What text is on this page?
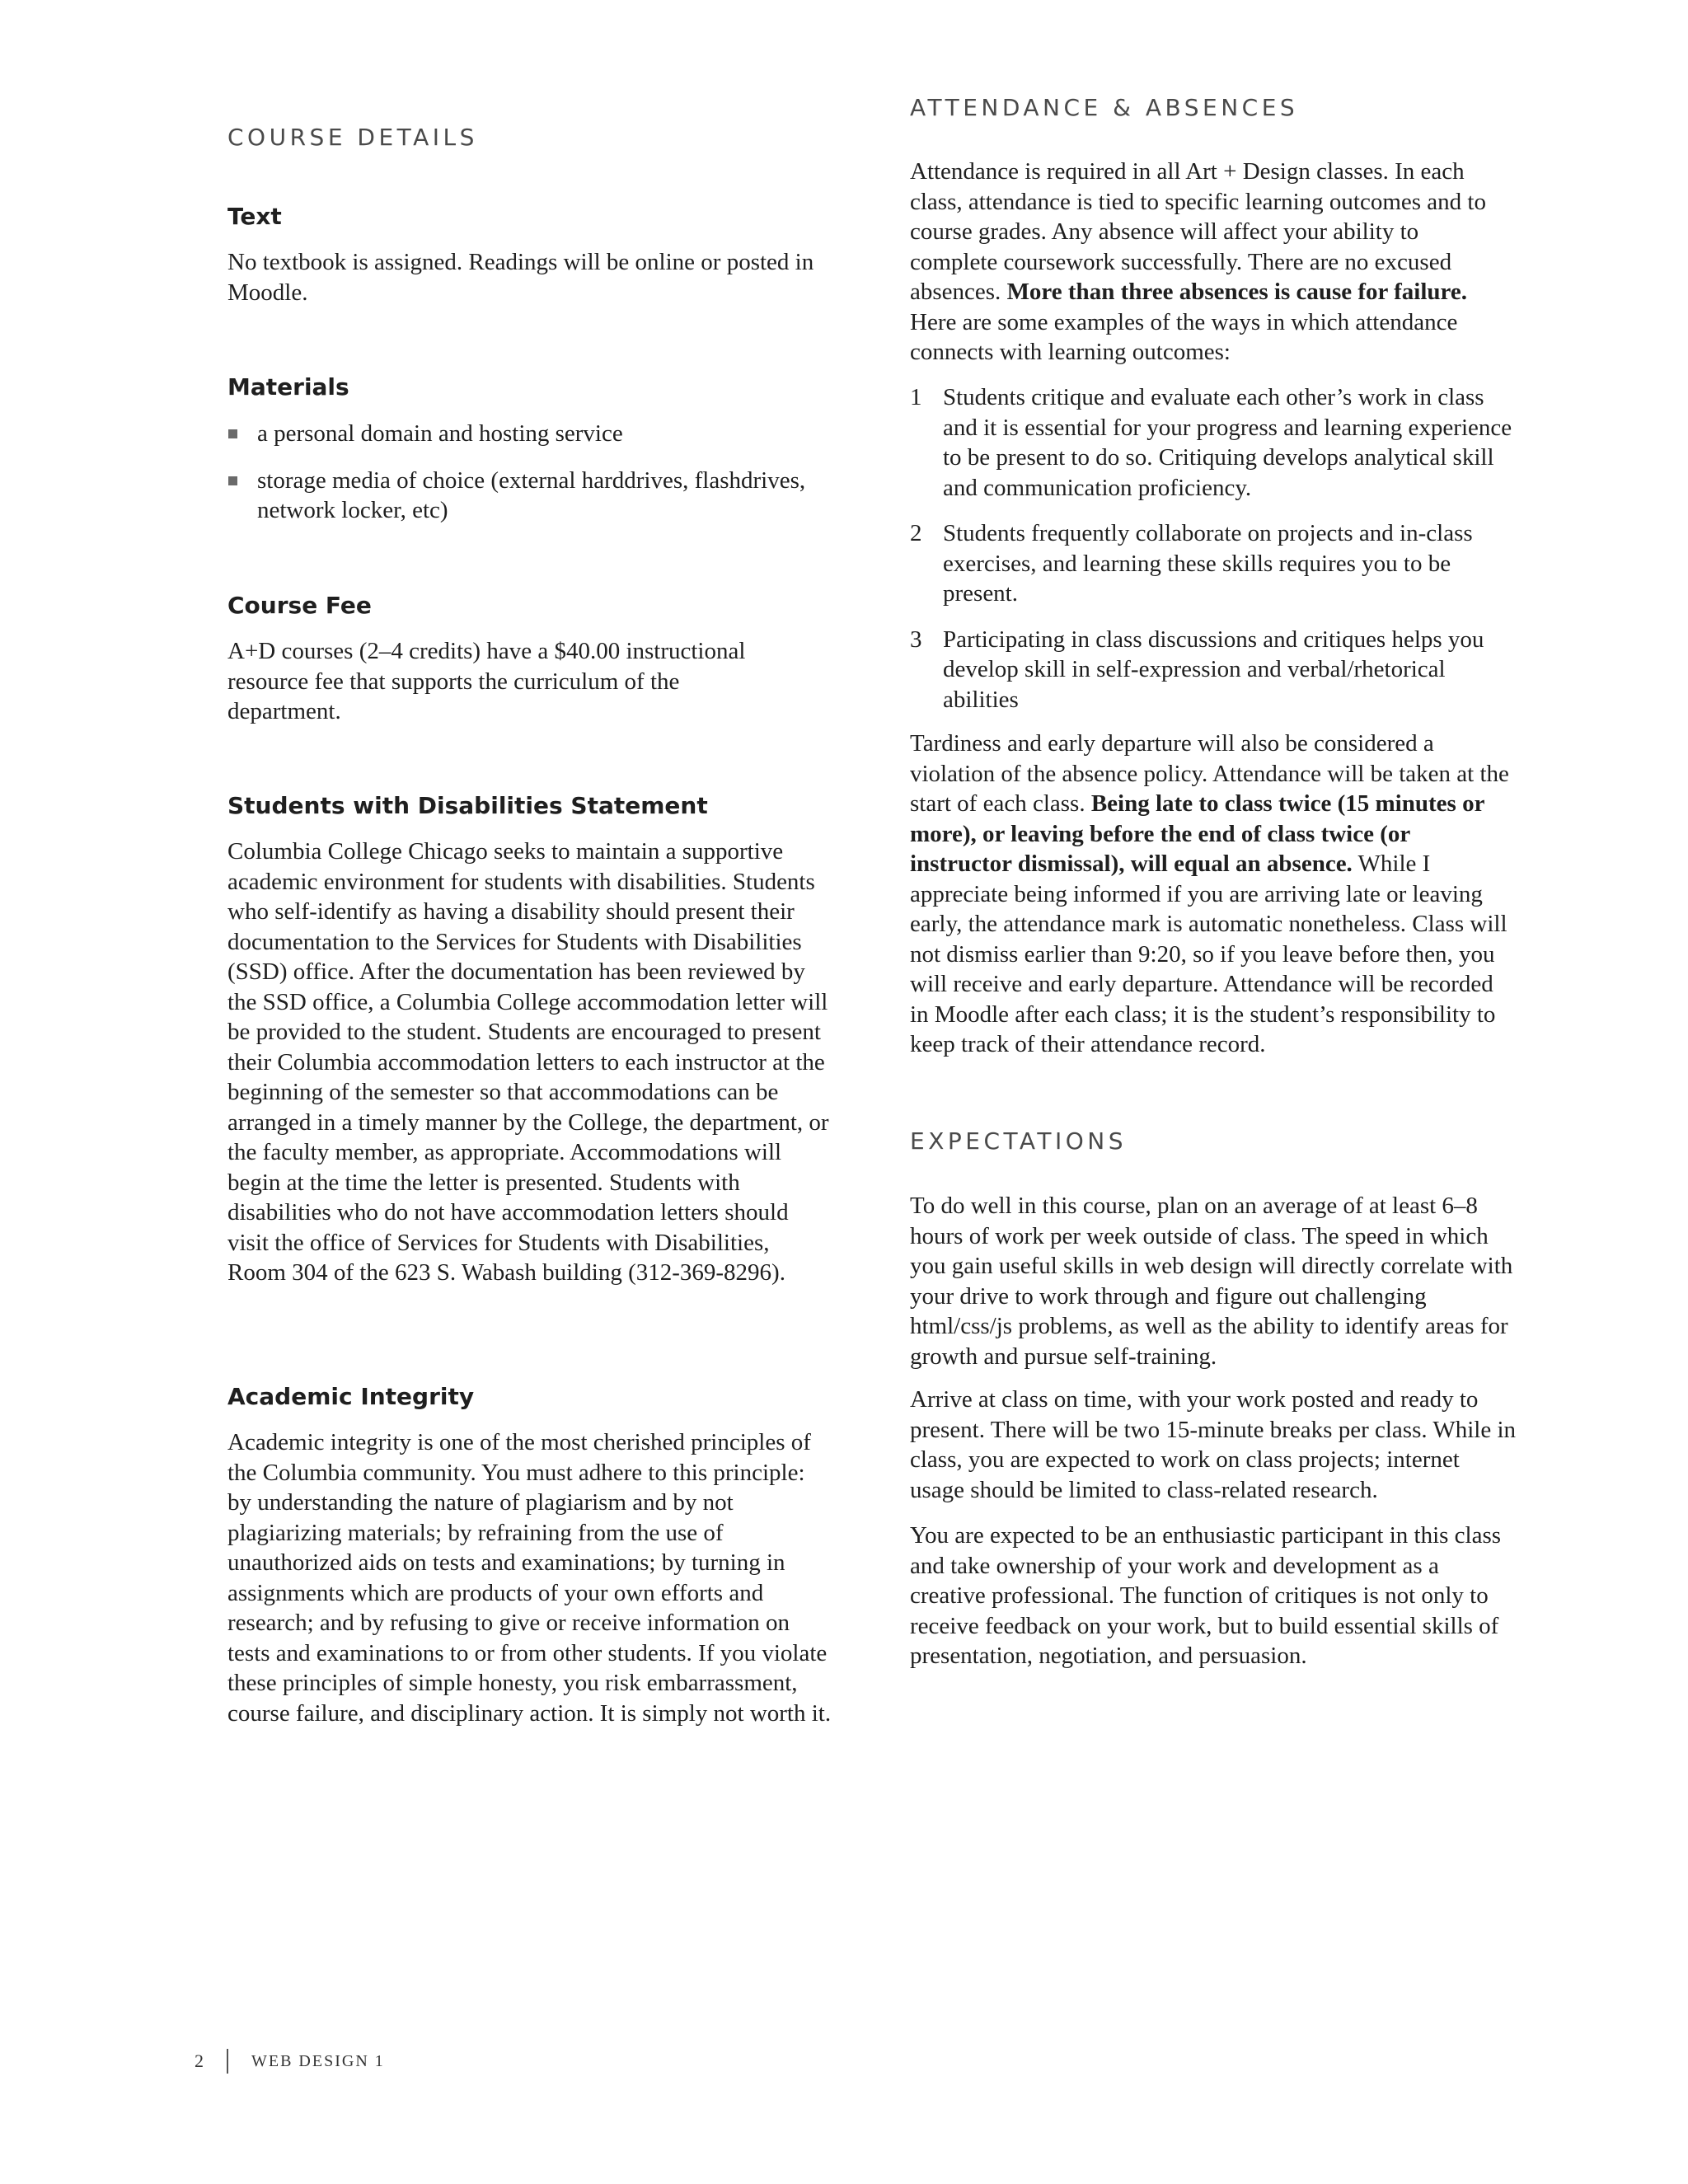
COURSE DETAILS
Text

No textbook is assigned. Readings will be online or posted in Moodle.

Materials
a personal domain and hosting service
storage media of choice (external harddrives, flashdrives, network locker, etc)
Course Fee

A+D courses (2–4 credits) have a $40.00 instructional resource fee that supports the curriculum of the department.

Students with Disabilities Statement

Columbia College Chicago seeks to maintain a supportive academic environment for students with disabilities. Students who self-identify as having a disability should present their documentation to the Services for Students with Disabilities (SSD) office. After the documentation has been reviewed by the SSD office, a Columbia College accommodation letter will be provided to the student. Students are encouraged to present their Columbia accommodation letters to each instructor at the beginning of the semester so that accommodations can be arranged in a timely manner by the College, the department, or the faculty member, as appropriate. Accommodations will begin at the time the letter is presented. Students with disabilities who do not have accommodation letters should visit the office of Services for Students with Disabilities, Room 304 of the 623 S. Wabash building (312-369-8296).

Academic Integrity

Academic integrity is one of the most cherished principles of the Columbia community. You must adhere to this principle: by understanding the nature of plagiarism and by not plagiarizing materials; by refraining from the use of unauthorized aids on tests and examinations; by turning in assignments which are products of your own efforts and research; and by refusing to give or receive information on tests and examinations to or from other students. If you violate these principles of simple honesty, you risk embarrassment, course failure, and disciplinary action. It is simply not worth it.

ATTENDANCE & ABSENCES

Attendance is required in all Art + Design classes. In each class, attendance is tied to specific learning outcomes and to course grades. Any absence will affect your ability to complete coursework successfully. There are no excused absences. More than three absences is cause for failure. Here are some examples of the ways in which attendance connects with learning outcomes:

1 Students critique and evaluate each other’s work in class and it is essential for your progress and learning experience to be present to do so. Critiquing develops analytical skill and communication proficiency.
2 Students frequently collaborate on projects and in-class exercises, and learning these skills requires you to be present.
3 Participating in class discussions and critiques helps you develop skill in self-expression and verbal/rhetorical abilities

Tardiness and early departure will also be considered a violation of the absence policy. Attendance will be taken at the start of each class. Being late to class twice (15 minutes or more), or leaving before the end of class twice (or instructor dismissal), will equal an absence. While I appreciate being informed if you are arriving late or leaving early, the attendance mark is automatic nonetheless. Class will not dismiss earlier than 9:20, so if you leave before then, you will receive and early departure. Attendance will be recorded in Moodle after each class; it is the student’s responsibility to keep track of their attendance record.

EXPECTATIONS

To do well in this course, plan on an average of at least 6–8 hours of work per week outside of class. The speed in which you gain useful skills in web design will directly correlate with your drive to work through and figure out challenging html/css/js problems, as well as the ability to identify areas for growth and pursue self-training.

Arrive at class on time, with your work posted and ready to present. There will be two 15-minute breaks per class. While in class, you are expected to work on class projects; internet usage should be limited to class-related research.

You are expected to be an enthusiastic participant in this class and take ownership of your work and development as a creative professional. The function of critiques is not only to receive feedback on your work, but to build essential skills of presentation, negotiation, and persuasion.

2	WEB DESIGN 1
